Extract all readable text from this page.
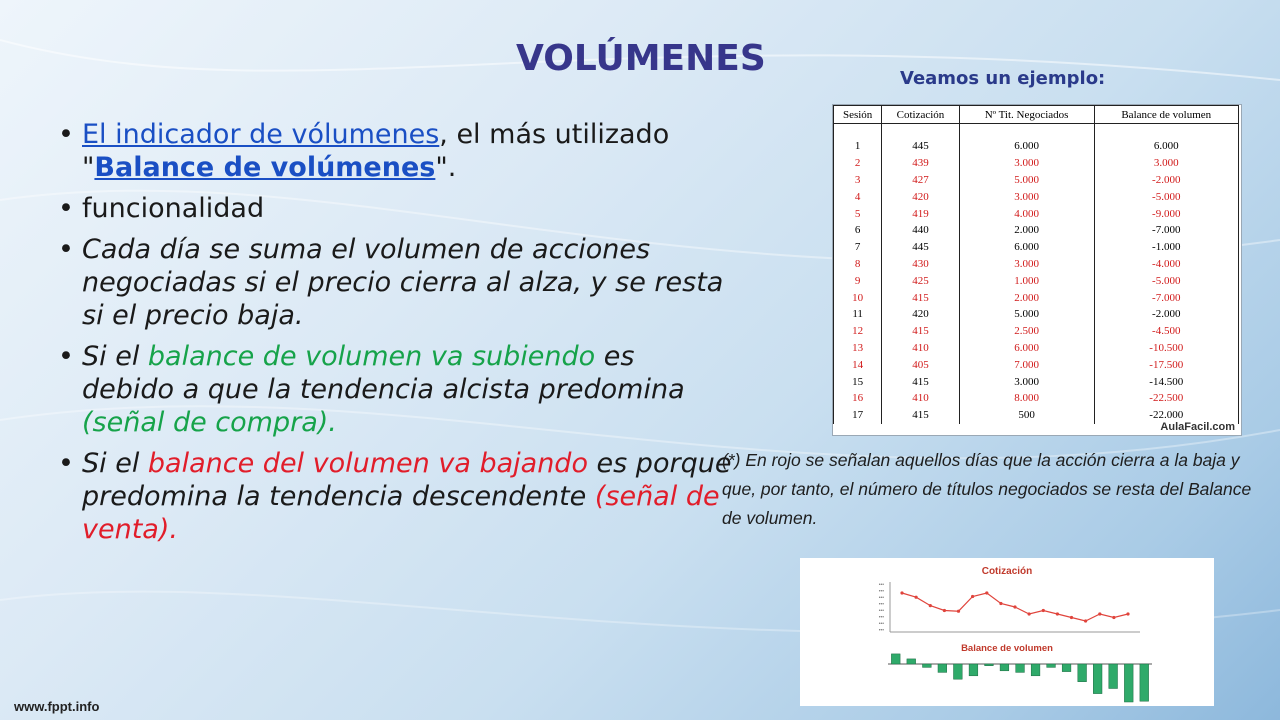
VOLÚMENES	Veamos un ejemplo:
• El indicador de vólumenes, el más utilizado "Balance de volúmenes".
• funcionalidad
• Cada día se suma el volumen de acciones negociadas si el precio cierra al alza, y se resta si el precio baja.
• Si el balance de volumen va subiendo es debido a que la tendencia alcista predomina (señal de compra).
• Si el balance del volumen va bajando es porque predomina la tendencia descendente (señal de venta).
Sesión	Cotización	Nº Tit. Negociados	Balance de volumen

1	445	6.000	6.000
2	439	3.000	3.000
3	427	5.000	-2.000
4	420	3.000	-5.000
5	419	4.000	-9.000
6	440	2.000	-7.000
7	445	6.000	-1.000
8	430	3.000	-4.000
9	425	1.000	-5.000
10	415	2.000	-7.000
11	420	5.000	-2.000
12	415	2.500	-4.500
13	410	6.000	-10.500
14	405	7.000	-17.500
15	415	3.000	-14.500
16	410	8.000	-22.500
17	415	500	-22.000
AulaFacil.com
(*) En rojo se señalan aquellos días que la acción cierra a la baja y que, por tanto, el número de títulos negociados se resta del Balance de volumen.
Cotización
•••
•••
•••
•••
•••
•••
•••
•••
Balance de volumen
www.fppt.info
